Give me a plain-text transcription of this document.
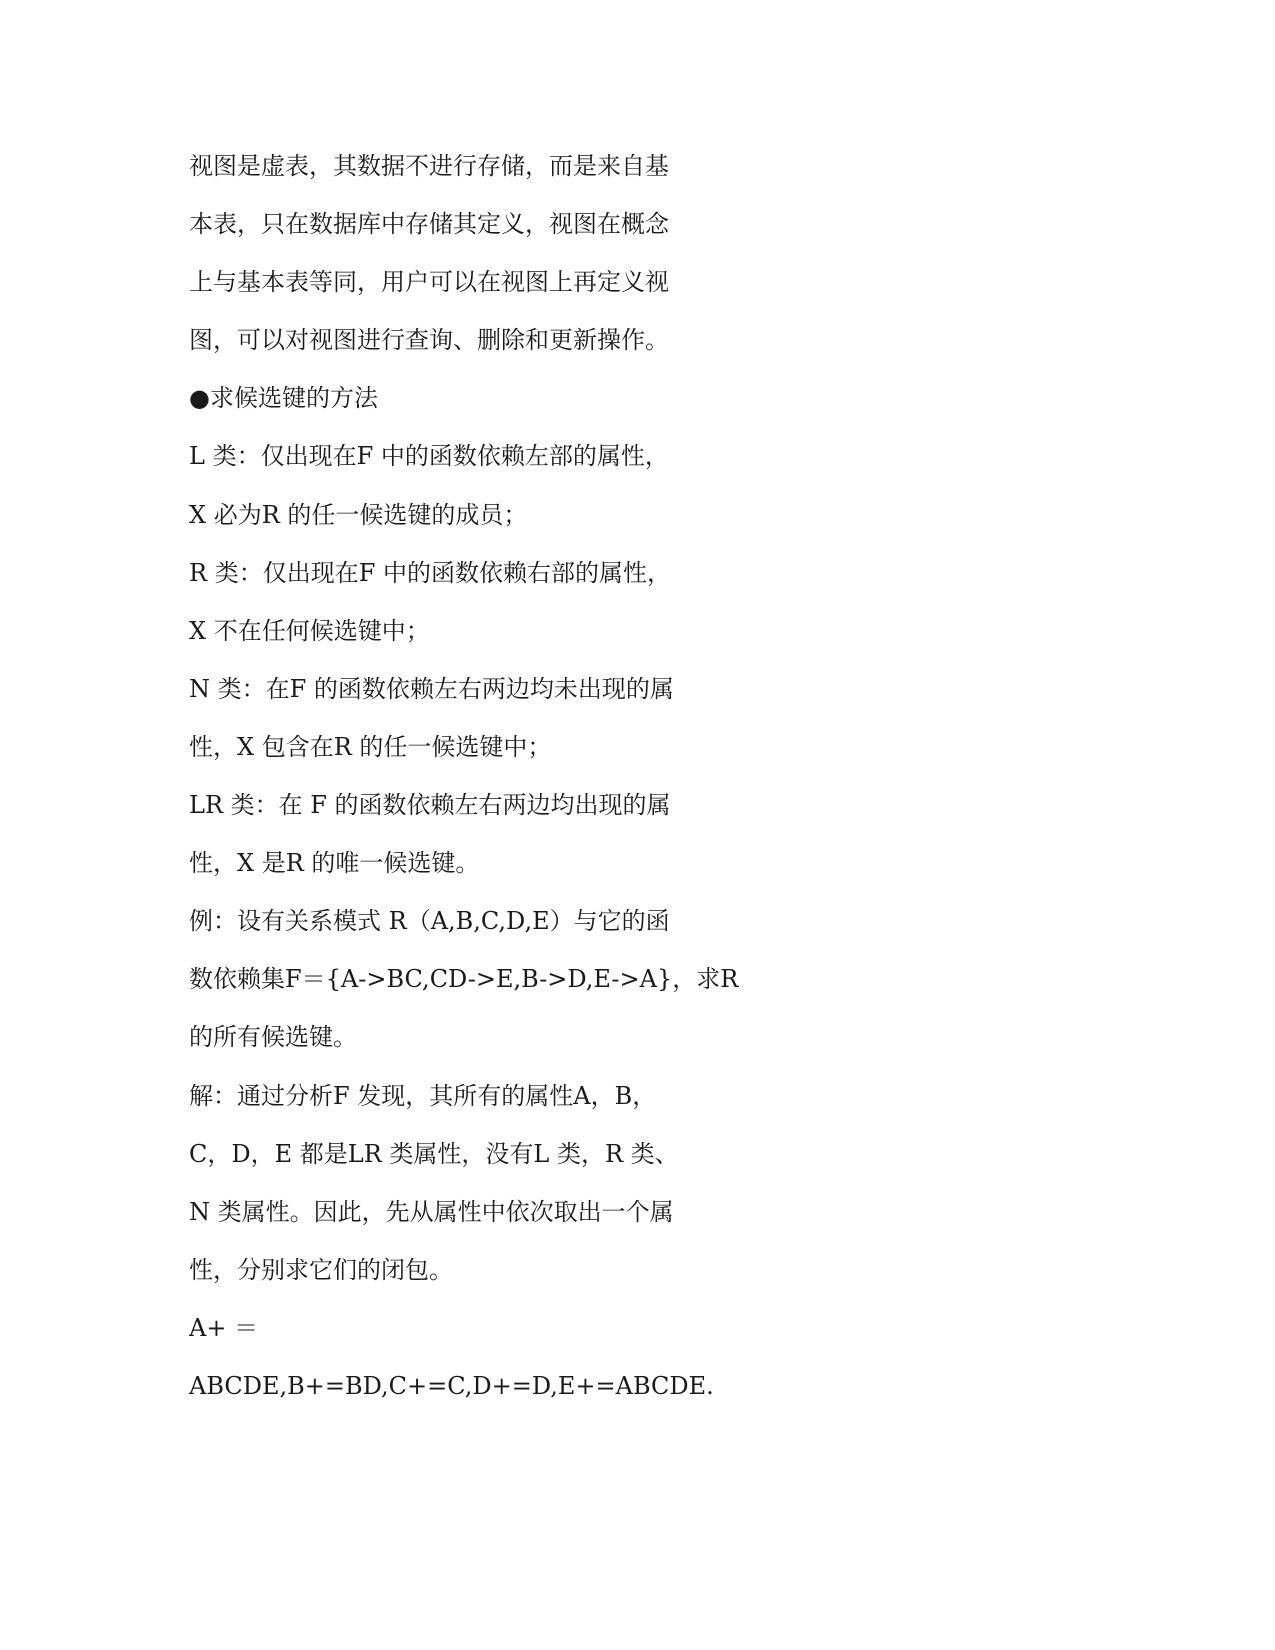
视图是虚表，其数据不进行存储，而是来自基
本表，只在数据库中存储其定义，视图在概念
上与基本表等同，用户可以在视图上再定义视
图，可以对视图进行查询、删除和更新操作。
●求候选键的方法
L 类：仅出现在F 中的函数依赖左部的属性，
X 必为R 的任一候选键的成员；
R 类：仅出现在F 中的函数依赖右部的属性，
X 不在任何候选键中；
N 类：在F 的函数依赖左右两边均未出现的属
性，X 包含在R 的任一候选键中；
LR 类：在 F 的函数依赖左右两边均出现的属
性，X 是R 的唯一候选键。
例：设有关系模式 R（A,B,C,D,E）与它的函
数依赖集F＝{A->BC,CD->E,B->D,E->A}，求R
的所有候选键。
解：通过分析F 发现，其所有的属性A，B，
C，D，E 都是LR 类属性，没有L 类，R 类、
N 类属性。因此，先从属性中依次取出一个属
性，分别求它们的闭包。
A+ ＝
ABCDE,B+=BD,C+=C,D+=D,E+=ABCDE.
